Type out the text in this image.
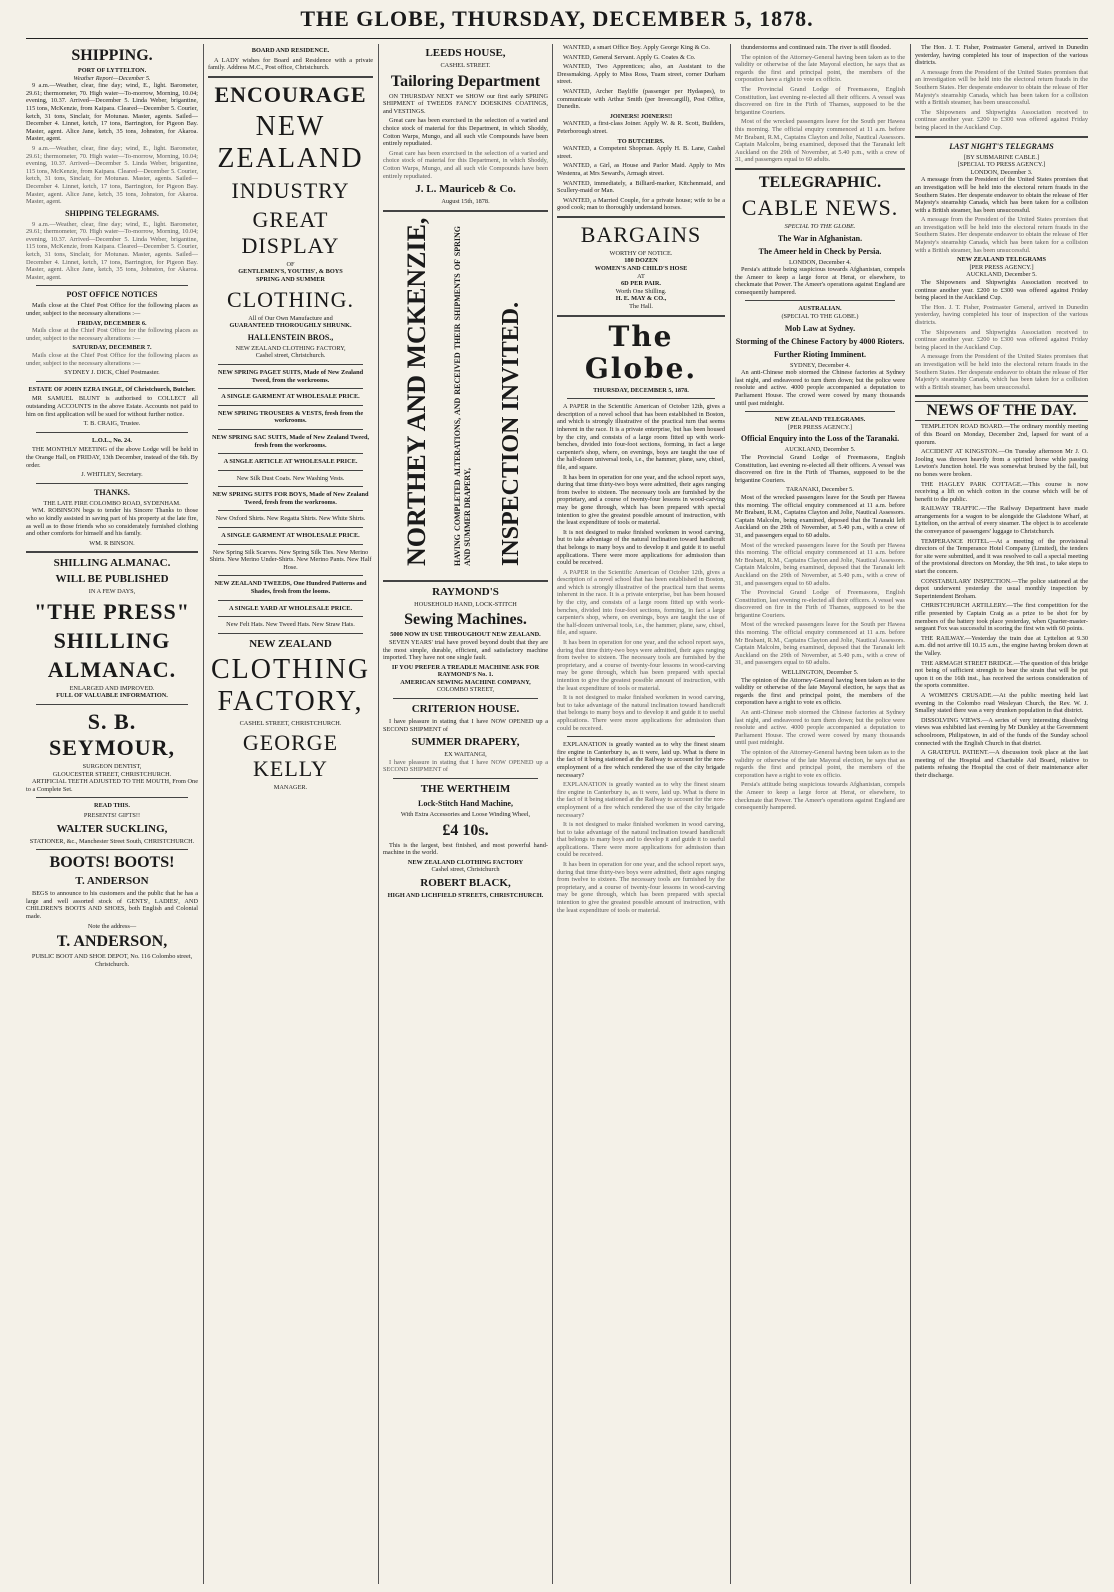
THE GLOBE, THURSDAY, DECEMBER 5, 1878.
SHIPPING.
PORT OF LYTTELTON.
Weather Report—December 5.

9 a.m.—Weather, clear, fine day; wind, E., light. Barometer, 29.61; thermometer, 70. High water—To-morrow, Morning, 10.04; evening, 10.37. Arrived—December 5. Linda Weber, brigantine, 115 tons, McKenzie, from Kaipara. Cleared—December 5. Courier, ketch, 31 tons, Sinclair, for Motunau. Master, agents. Sailed—December 4. Linnet, ketch, 17 tons, Barrington, for Pigeon Bay. Master, agent. Alice Jane, ketch, 35 tons, Johnston, for Akaroa. Master, agent.

9 a.m.—Weather, clear, fine day; wind, E., light. Barometer, 29.61; thermometer, 70. High water—To-morrow, Morning, 10.04; evening, 10.37. Arrived—December 5. Linda Weber, brigantine, 115 tons, McKenzie, from Kaipara. Cleared—December 5. Courier, ketch, 31 tons, Sinclair, for Motunau. Master, agents. Sailed—December 4. Linnet, ketch, 17 tons, Barrington, for Pigeon Bay. Master, agent. Alice Jane, ketch, 35 tons, Johnston, for Akaroa. Master, agent.

SHIPPING TELEGRAMS.

9 a.m.—Weather, clear, fine day; wind, E., light. Barometer, 29.61; thermometer, 70. High water—To-morrow, Morning, 10.04; evening, 10.37. Arrived—December 5. Linda Weber, brigantine, 115 tons, McKenzie, from Kaipara. Cleared—December 5. Courier, ketch, 31 tons, Sinclair, for Motunau. Master, agents. Sailed—December 4. Linnet, ketch, 17 tons, Barrington, for Pigeon Bay. Master, agent. Alice Jane, ketch, 35 tons, Johnston, for Akaroa. Master, agent.

POST OFFICE NOTICES

Mails close at the Chief Post Office for the following places as under, subject to the necessary alterations :—

FRIDAY, DECEMBER 6.

Mails close at the Chief Post Office for the following places as under, subject to the necessary alterations :—

SATURDAY, DECEMBER 7.

Mails close at the Chief Post Office for the following places as under, subject to the necessary alterations :—

SYDNEY J. DICK, Chief Postmaster.
ESTATE OF JOHN EZRA INGLE, Of Christchurch, Butcher.

MR SAMUEL BLUNT is authorised to COLLECT all outstanding ACCOUNTS in the above Estate. Accounts not paid to him on first application will be sued for without further notice.

T. B. CRAIG, Trustee.
L.O.L., No. 24.

THE MONTHLY MEETING of the above Lodge will be held in the Orange Hall, on FRIDAY, 13th December, instead of the 6th. By order.

J. WHITLEY, Secretary.
THANKS.
THE LATE FIRE COLOMBO ROAD, SYDENHAM.

WM. ROBINSON begs to tender his Sincere Thanks to those who so kindly assisted in saving part of his property at the late fire, as well as to those friends who so considerately furnished clothing and other comforts for himself and his family.

WM. R BINSON.
SHILLING ALMANAC.
WILL BE PUBLISHED
IN A FEW DAYS,
"THE PRESS"
SHILLING
ALMANAC.
ENLARGED AND IMPROVED.
FULL OF VALUABLE INFORMATION.
S. B. SEYMOUR,
SURGEON DENTIST,
GLOUCESTER STREET, CHRISTCHURCH.

ARTIFICIAL TEETH ADJUSTED TO THE MOUTH, From One to a Complete Set.

READ THIS.
PRESENTS! GIFTS!!
WALTER SUCKLING,
STATIONER, &c., Manchester Street South, CHRISTCHURCH.
BOOTS! BOOTS!
T. ANDERSON

BEGS to announce to his customers and the public that he has a large and well assorted stock of GENTS', LADIES', AND CHILDREN'S BOOTS AND SHOES, both English and Colonial made.

Note the address—
T. ANDERSON,
PUBLIC BOOT AND SHOE DEPOT, No. 116 Colombo street, Christchurch.
BOARD AND RESIDENCE.

A LADY wishes for Board and Residence with a private family. Address M.C., Post office, Christchurch.

ENCOURAGE
NEW ZEALAND
INDUSTRY
GREAT DISPLAY
OF
GENTLEMEN'S, YOUTHS', & BOYS
SPRING AND SUMMER
CLOTHING.
All of Our Own Manufacture and
GUARANTEED THOROUGHLY SHRUNK.
HALLENSTEIN BROS.,
NEW ZEALAND CLOTHING FACTORY,
Cashel street, Christchurch.
NEW SPRING PAGET SUITS, Made of New Zealand Tweed, from the workrooms.
A SINGLE GARMENT AT WHOLESALE PRICE.
NEW SPRING TROUSERS & VESTS, fresh from the workrooms.
NEW SPRING SAC SUITS, Made of New Zealand Tweed, fresh from the workrooms.
A SINGLE ARTICLE AT WHOLESALE PRICE.
New Silk Dust Coats. New Washing Vests.
NEW SPRING SUITS FOR BOYS, Made of New Zealand Tweed, fresh from the workrooms.
New Oxford Shirts. New Regatta Shirts. New White Shirts.
A SINGLE GARMENT AT WHOLESALE PRICE.
New Spring Silk Scarves. New Spring Silk Ties. New Merino Shirts. New Merino Under-Shirts. New Merino Pants. New Half Hose.
NEW ZEALAND TWEEDS, One Hundred Patterns and Shades, fresh from the looms.
A SINGLE YARD AT WHOLESALE PRICE.
New Felt Hats. New Tweed Hats. New Straw Hats.
NEW ZEALAND
CLOTHING FACTORY,
CASHEL STREET, CHRISTCHURCH.
GEORGE KELLY
MANAGER.
LEEDS HOUSE,
CASHEL STREET.
Tailoring Department

ON THURSDAY NEXT we SHOW our first early SPRING SHIPMENT of TWEEDS FANCY DOESKINS COATINGS, and VESTINGS.

Great care has been exercised in the selection of a varied and choice stock of material for this Department, in which Shoddy, Cotton Warps, Mungo, and all such vile Compounds have been entirely repudiated.

Great care has been exercised in the selection of a varied and choice stock of material for this Department, in which Shoddy, Cotton Warps, Mungo, and all such vile Compounds have been entirely repudiated.

J. L. Mauriceb & Co.
August 15th, 1878.
NORTHEY AND MCKENZIE,	HAVING COMPLETED ALTERATIONS, AND RECEIVED THEIR SHIPMENTS OF SPRING AND SUMMER DRAPERY, INSPECTION INVITED.
RAYMOND'S
HOUSEHOLD HAND, LOCK-STITCH
Sewing Machines.
5000 NOW IN USE THROUGHOUT NEW ZEALAND.

SEVEN YEARS' trial have proved beyond doubt that they are the most simple, durable, efficient, and satisfactory machine imported. They have not one single fault.

IF YOU PREFER A TREADLE MACHINE ASK FOR RAYMOND'S No. 1.
AMERICAN SEWING MACHINE COMPANY,
COLOMBO STREET,
CRITERION HOUSE.

I have pleasure in stating that I have NOW OPENED up a SECOND SHIPMENT of

SUMMER DRAPERY,
EX WAITANGI,

I have pleasure in stating that I have NOW OPENED up a SECOND SHIPMENT of

THE WERTHEIM
Lock-Stitch Hand Machine,
With Extra Accessories and Loose Winding Wheel,
£4 10s.

This is the largest, best finished, and most powerful hand-machine in the world.

NEW ZEALAND CLOTHING FACTORY
Cashel street, Christchurch
ROBERT BLACK,
HIGH AND LICHFIELD STREETS, CHRISTCHURCH.

WANTED, a smart Office Boy. Apply George King & Co.

WANTED, General Servant. Apply G. Coates & Co.

WANTED, Two Apprentices; also, an Assistant to the Dressmaking. Apply to Miss Ross, Tuam street, corner Durham street.

WANTED, Archer Bayliffe (passenger per Hydaspes), to communicate with Arthur Smith (per Invercargill), Post Office, Dunedin.

JOINERS! JOINERS!!

WANTED, a first-class Joiner. Apply W. & R. Scott, Builders, Peterborough street.

TO BUTCHERS.

WANTED, a Competent Shopman. Apply H. B. Lane, Cashel street.

WANTED, a Girl, as House and Parlor Maid. Apply to Mrs Westenra, at Mrs Seward's, Armagh street.

WANTED, immediately, a Billiard-marker, Kitchenmaid, and Scullery-maid or Man.

WANTED, a Married Couple, for a private house; wife to be a good cook; man to thoroughly understand horses.

BARGAINS
WORTHY OF NOTICE.
180 DOZEN
WOMEN'S AND CHILD'S HOSE
AT
6D PER PAIR.
Worth One Shilling.
H. E. MAY & CO.,
The Hall.
The Globe.
THURSDAY, DECEMBER 5, 1878.

A PAPER in the Scientific American of October 12th, gives a description of a novel school that has been established in Boston, and which is strongly illustrative of the practical turn that seems inherent in the race. It is a private enterprise, but has been housed by the city, and consists of a large room fitted up with work-benches, divided into four-foot sections, forming, in fact a large carpenter's shop, where, on evenings, boys are taught the use of the half-dozen universal tools, i.e., the hammer, plane, saw, chisel, file, and square.

It has been in operation for one year, and the school report says, during that time thirty-two boys were admitted, their ages ranging from twelve to sixteen. The necessary tools are furnished by the proprietary, and a course of twenty-four lessons in wood-carving may be gone through, which has been prepared with special intention to give the greatest possible amount of instruction, with the least expenditure of tools or material.

It is not designed to make finished workmen in wood carving, but to take advantage of the natural inclination toward handicraft that belongs to many boys and to develop it and guide it to useful applications. There were more applications for admission than could be received.

A PAPER in the Scientific American of October 12th, gives a description of a novel school that has been established in Boston, and which is strongly illustrative of the practical turn that seems inherent in the race. It is a private enterprise, but has been housed by the city, and consists of a large room fitted up with work-benches, divided into four-foot sections, forming, in fact a large carpenter's shop, where, on evenings, boys are taught the use of the half-dozen universal tools, i.e., the hammer, plane, saw, chisel, file, and square.

It has been in operation for one year, and the school report says, during that time thirty-two boys were admitted, their ages ranging from twelve to sixteen. The necessary tools are furnished by the proprietary, and a course of twenty-four lessons in wood-carving may be gone through, which has been prepared with special intention to give the greatest possible amount of instruction, with the least expenditure of tools or material.

It is not designed to make finished workmen in wood carving, but to take advantage of the natural inclination toward handicraft that belongs to many boys and to develop it and guide it to useful applications. There were more applications for admission than could be received.

EXPLANATION is greatly wanted as to why the finest steam fire engine in Canterbury is, as it were, laid up. What is there in the fact of it being stationed at the Railway to account for the non-employment of a fire which rendered the use of the city brigade necessary?

EXPLANATION is greatly wanted as to why the finest steam fire engine in Canterbury is, as it were, laid up. What is there in the fact of it being stationed at the Railway to account for the non-employment of a fire which rendered the use of the city brigade necessary?

It is not designed to make finished workmen in wood carving, but to take advantage of the natural inclination toward handicraft that belongs to many boys and to develop it and guide it to useful applications. There were more applications for admission than could be received.

It has been in operation for one year, and the school report says, during that time thirty-two boys were admitted, their ages ranging from twelve to sixteen. The necessary tools are furnished by the proprietary, and a course of twenty-four lessons in wood-carving may be gone through, which has been prepared with special intention to give the greatest possible amount of instruction, with the least expenditure of tools or material.

thunderstorms and continued rain. The river is still flooded.

The opinion of the Attorney-General having been taken as to the validity or otherwise of the late Mayoral election, he says that as regards the first and principal point, the members of the corporation have a right to vote ex officio.

The Provincial Grand Lodge of Freemasons, English Constitution, last evening re-elected all their officers. A vessel was discovered on fire in the Firth of Thames, supposed to be the brigantine Couriers.

Most of the wrecked passengers leave for the South per Hawea this morning. The official enquiry commenced at 11 a.m. before Mr Brabant, R.M., Captains Clayton and Jolie, Nautical Assessors. Captain Malcolm, being examined, deposed that the Taranaki left Auckland on the 29th of November, at 5.40 p.m., with a crew of 31, and passengers equal to 60 adults.

TELEGRAPHIC.
CABLE NEWS.
SPECIAL TO THE GLOBE.
The War in Afghanistan.
The Ameer held in Check by Persia.
LONDON, December 4.

Persia's attitude being suspicious towards Afghanistan, compels the Ameer to keep a large force at Herat, or elsewhere, to checkmate that Power. The Ameer's operations against England are consequently hampered.

AUSTRALIAN.
(SPECIAL TO THE GLOBE.)
Mob Law at Sydney.
Storming of the Chinese Factory by 4000 Rioters.
Further Rioting Imminent.
SYDNEY, December 4.

An anti-Chinese mob stormed the Chinese factories at Sydney last night, and endeavored to turn them down; but the police were resolute and active. 4000 people accompanied a deputation to Parliament House. The crowd were cowed by many thousands until past midnight.

NEW ZEALAND TELEGRAMS.
[PER PRESS AGENCY.]
Official Enquiry into the Loss of the Taranaki.
AUCKLAND, December 5.

The Provincial Grand Lodge of Freemasons, English Constitution, last evening re-elected all their officers. A vessel was discovered on fire in the Firth of Thames, supposed to be the brigantine Couriers.

TARANAKI, December 5.

Most of the wrecked passengers leave for the South per Hawea this morning. The official enquiry commenced at 11 a.m. before Mr Brabant, R.M., Captains Clayton and Jolie, Nautical Assessors. Captain Malcolm, being examined, deposed that the Taranaki left Auckland on the 29th of November, at 5.40 p.m., with a crew of 31, and passengers equal to 60 adults.

Most of the wrecked passengers leave for the South per Hawea this morning. The official enquiry commenced at 11 a.m. before Mr Brabant, R.M., Captains Clayton and Jolie, Nautical Assessors. Captain Malcolm, being examined, deposed that the Taranaki left Auckland on the 29th of November, at 5.40 p.m., with a crew of 31, and passengers equal to 60 adults.

The Provincial Grand Lodge of Freemasons, English Constitution, last evening re-elected all their officers. A vessel was discovered on fire in the Firth of Thames, supposed to be the brigantine Couriers.

Most of the wrecked passengers leave for the South per Hawea this morning. The official enquiry commenced at 11 a.m. before Mr Brabant, R.M., Captains Clayton and Jolie, Nautical Assessors. Captain Malcolm, being examined, deposed that the Taranaki left Auckland on the 29th of November, at 5.40 p.m., with a crew of 31, and passengers equal to 60 adults.

WELLINGTON, December 5.

The opinion of the Attorney-General having been taken as to the validity or otherwise of the late Mayoral election, he says that as regards the first and principal point, the members of the corporation have a right to vote ex officio.

An anti-Chinese mob stormed the Chinese factories at Sydney last night, and endeavored to turn them down; but the police were resolute and active. 4000 people accompanied a deputation to Parliament House. The crowd were cowed by many thousands until past midnight.

The opinion of the Attorney-General having been taken as to the validity or otherwise of the late Mayoral election, he says that as regards the first and principal point, the members of the corporation have a right to vote ex officio.

Persia's attitude being suspicious towards Afghanistan, compels the Ameer to keep a large force at Herat, or elsewhere, to checkmate that Power. The Ameer's operations against England are consequently hampered.

The Hon. J. T. Fisher, Postmaster General, arrived in Dunedin yesterday, having completed his tour of inspection of the various districts.

A message from the President of the United States promises that an investigation will be held into the electoral return frauds in the Southern States. Her desperate endeavor to obtain the release of Her Majesty's steamship Canada, which has been taken for a collision with a British steamer, has been unsuccessful.

The Shipowners and Shipwrights Association received to continue another year. £200 to £300 was offered against Friday being placed in the Auckland Cup.

LAST NIGHT'S TELEGRAMS
[BY SUBMARINE CABLE.]
[SPECIAL TO PRESS AGENCY.]
LONDON, December 3.

A message from the President of the United States promises that an investigation will be held into the electoral return frauds in the Southern States. Her desperate endeavor to obtain the release of Her Majesty's steamship Canada, which has been taken for a collision with a British steamer, has been unsuccessful.

A message from the President of the United States promises that an investigation will be held into the electoral return frauds in the Southern States. Her desperate endeavor to obtain the release of Her Majesty's steamship Canada, which has been taken for a collision with a British steamer, has been unsuccessful.

NEW ZEALAND TELEGRAMS
[PER PRESS AGENCY.]
AUCKLAND, December 5.

The Shipowners and Shipwrights Association received to continue another year. £200 to £300 was offered against Friday being placed in the Auckland Cup.

The Hon. J. T. Fisher, Postmaster General, arrived in Dunedin yesterday, having completed his tour of inspection of the various districts.

The Shipowners and Shipwrights Association received to continue another year. £200 to £300 was offered against Friday being placed in the Auckland Cup.

A message from the President of the United States promises that an investigation will be held into the electoral return frauds in the Southern States. Her desperate endeavor to obtain the release of Her Majesty's steamship Canada, which has been taken for a collision with a British steamer, has been unsuccessful.

NEWS OF THE DAY.

TEMPLETON ROAD BOARD.—The ordinary monthly meeting of this Board on Monday, December 2nd, lapsed for want of a quorum.

ACCIDENT AT KINGSTON.—On Tuesday afternoon Mr J. O. Jooling was thrown heavily from a spirited horse while passing Lewton's Junction hotel. He was somewhat bruised by the fall, but no bones were broken.

THE HAGLEY PARK COTTAGE.—This course is now receiving a lift on which cotton in the course which will be of benefit to the public.

RAILWAY TRAFFIC.—The Railway Department have made arrangements for a wagon to be alongside the Gladstone Wharf, at Lyttelton, on the arrival of every steamer. The object is to accelerate the conveyance of passengers' luggage to Christchurch.

TEMPERANCE HOTEL.—At a meeting of the provisional directors of the Temperance Hotel Company (Limited), the tenders for site were submitted, and it was resolved to call a special meeting of the provisional directors on Monday, the 9th inst., to take steps to start the concern.

CONSTABULARY INSPECTION.—The police stationed at the depot underwent yesterday the usual monthly inspection by Superintendent Broham.

CHRISTCHURCH ARTILLERY.—The first competition for the rifle presented by Captain Craig as a prize to be shot for by members of the battery took place yesterday, when Quarter-master-sergeant Fox was successful in scoring the first win with 60 points.

THE RAILWAY.—Yesterday the train due at Lyttelton at 9.30 a.m. did not arrive till 10.15 a.m., the engine having broken down at the Valley.

THE ARMAGH STREET BRIDGE.—The question of this bridge not being of sufficient strength to bear the strain that will be put upon it on the 16th inst., has received the serious consideration of the sports committee.

A WOMEN'S CRUSADE.—At the public meeting held last evening in the Colombo road Wesleyan Church, the Rev. W. J. Smalley stated there was a very drunken population in that district.

DISSOLVING VIEWS.—A series of very interesting dissolving views was exhibited last evening by Mr Dunkley at the Government schoolroom, Philipstown, in aid of the funds of the Sunday school connected with the English Church in that district.

A GRATEFUL PATIENT.—A discussion took place at the last meeting of the Hospital and Charitable Aid Board, relative to patients refusing the Hospital the cost of their maintenance after their discharge.
